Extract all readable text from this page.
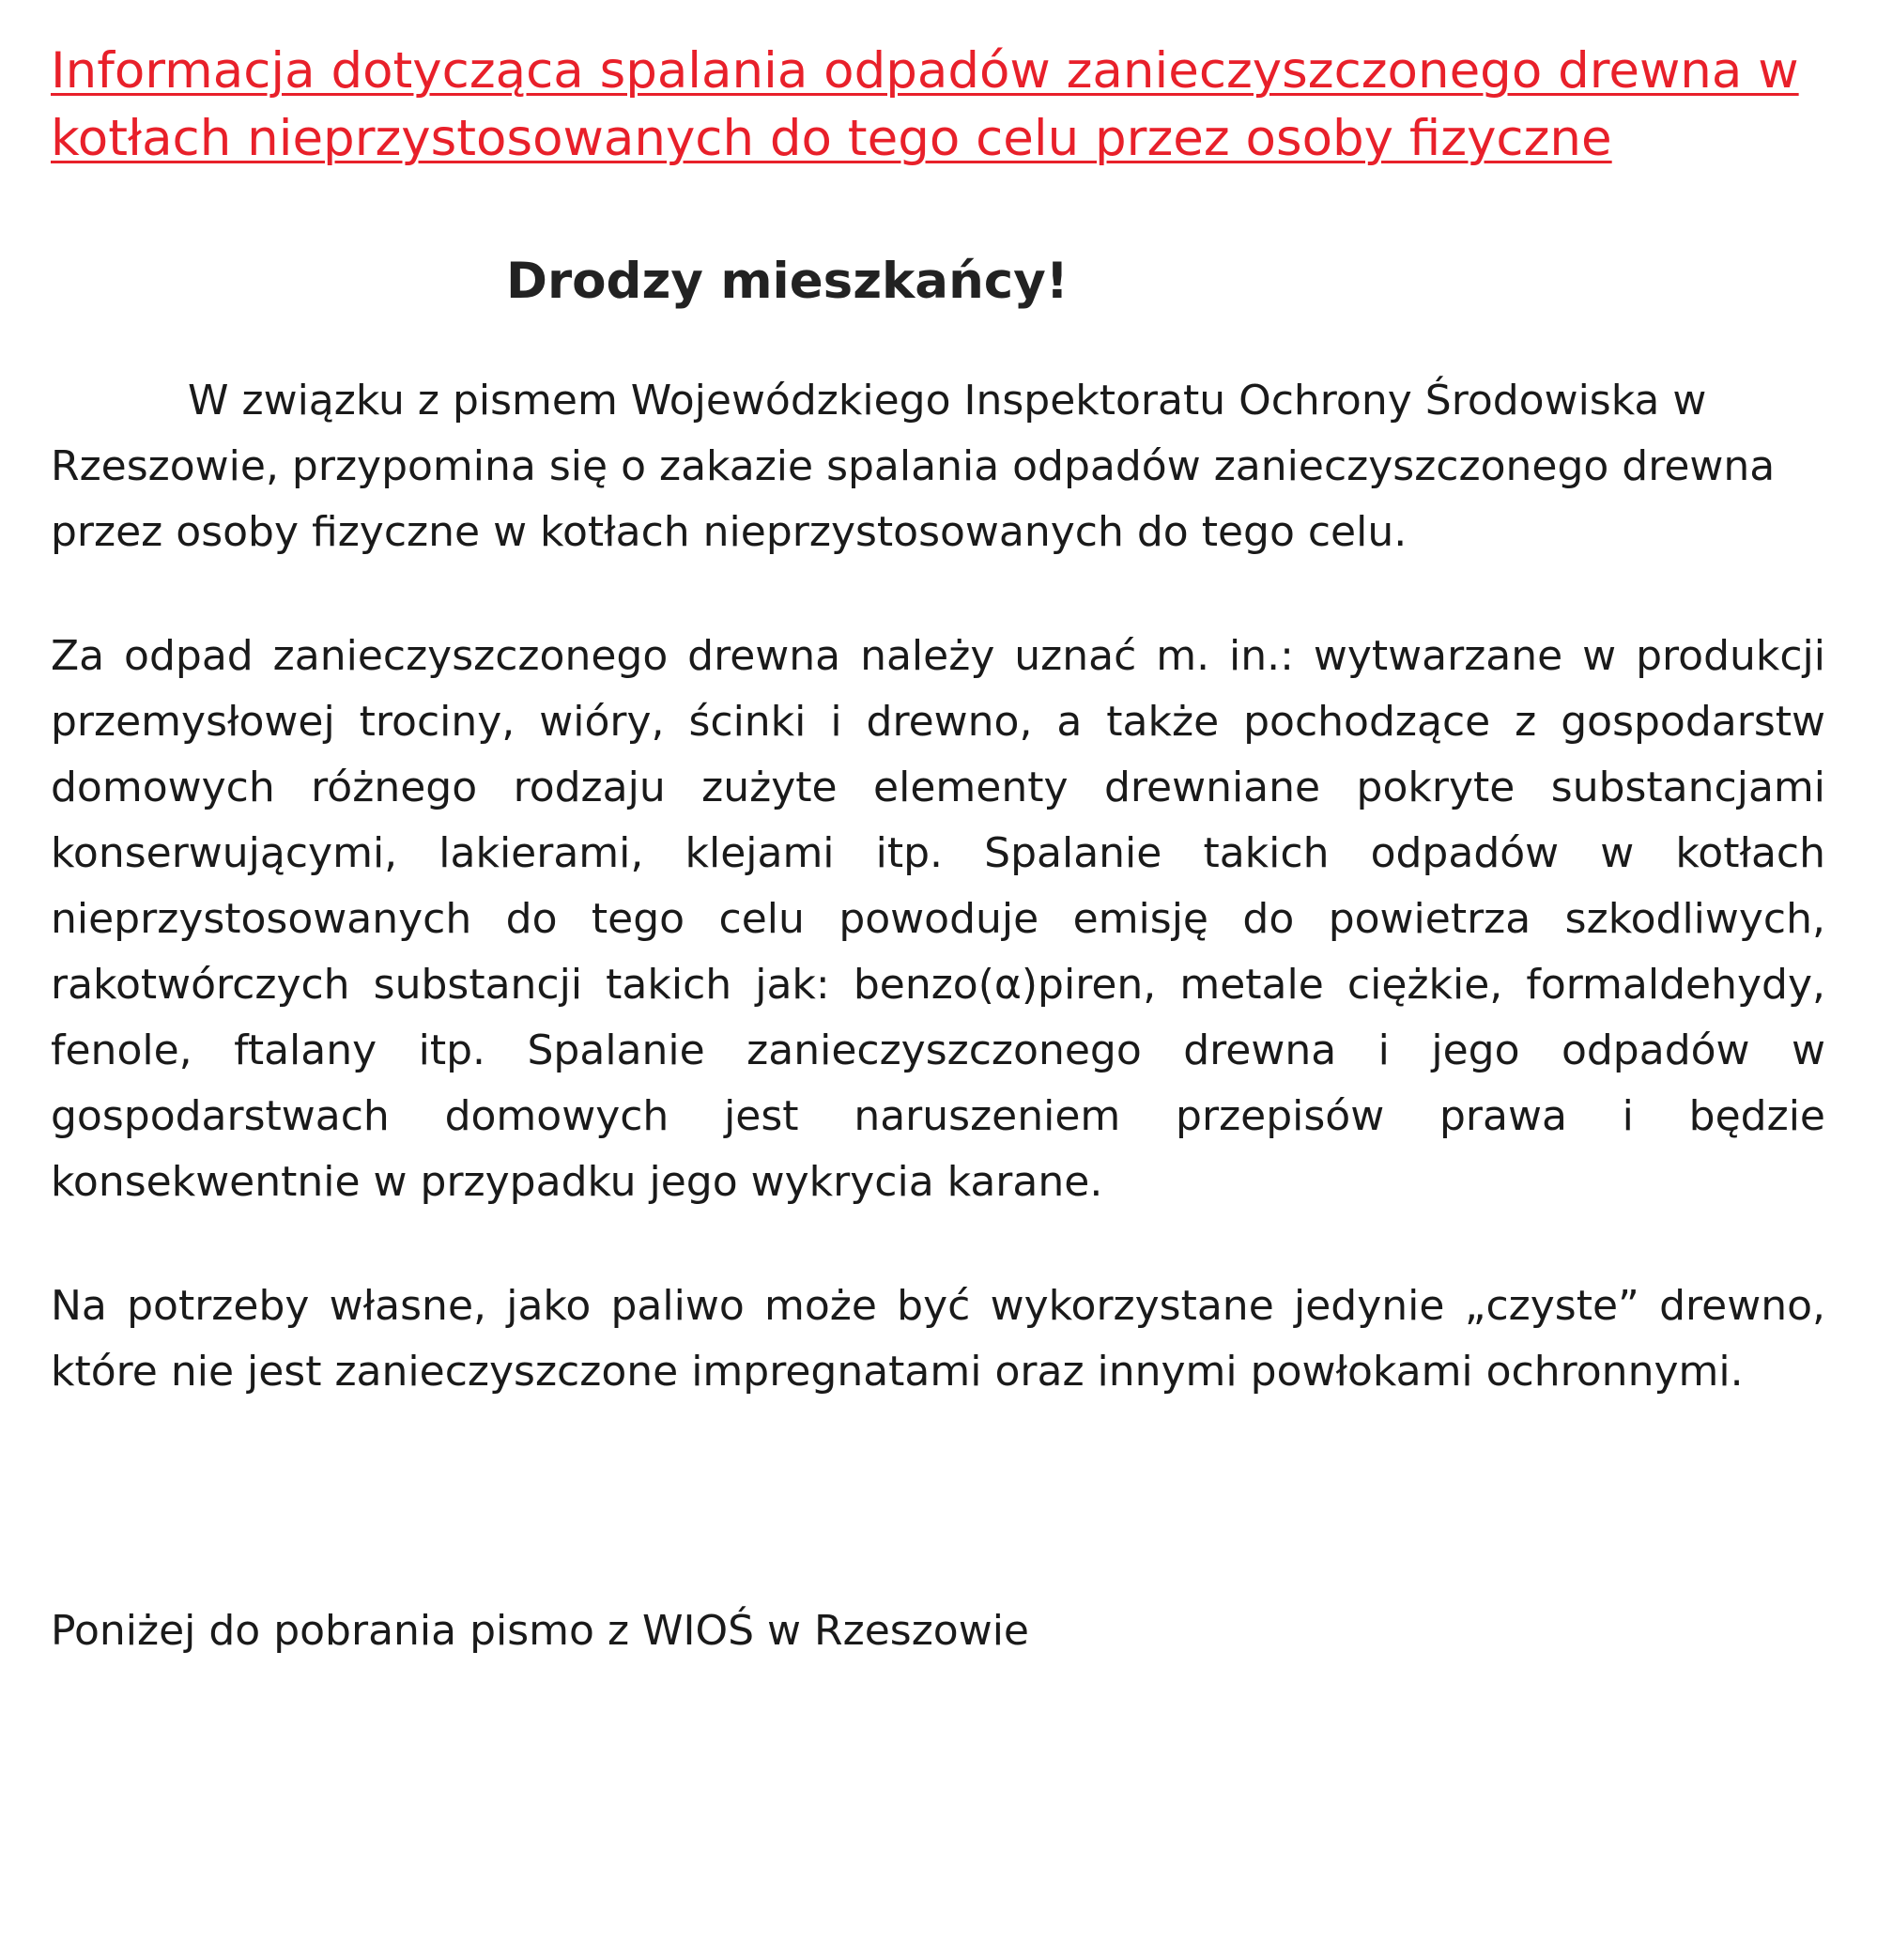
Informacja dotycząca spalania odpadów zanieczyszczonego drewna w kotłach nieprzystosowanych do tego celu przez osoby fizyczne
Drodzy mieszkańcy!

W związku z pismem Wojewódzkiego Inspektoratu Ochrony Środowiska w Rzeszowie, przypomina się o zakazie spalania odpadów zanieczyszczonego drewna przez osoby fizyczne w kotłach nieprzystosowanych do tego celu.

Za odpad zanieczyszczonego drewna należy uznać m. in.: wytwarzane w produkcji przemysłowej trociny, wióry, ścinki i drewno, a także pochodzące z gospodarstw domowych różnego rodzaju zużyte elementy drewniane pokryte substancjami konserwującymi, lakierami, klejami itp. Spalanie takich odpadów w kotłach nieprzystosowanych do tego celu powoduje emisję do powietrza szkodliwych, rakotwórczych substancji takich jak: benzo(α)piren, metale ciężkie, formaldehydy, fenole, ftalany itp. Spalanie zanieczyszczonego drewna i jego odpadów w gospodarstwach domowych jest naruszeniem przepisów prawa i będzie konsekwentnie w przypadku jego wykrycia karane.

Na potrzeby własne, jako paliwo może być wykorzystane jedynie „czyste” drewno, które nie jest zanieczyszczone impregnatami oraz innymi powłokami ochronnymi.

Poniżej do pobrania pismo z WIOŚ w Rzeszowie
